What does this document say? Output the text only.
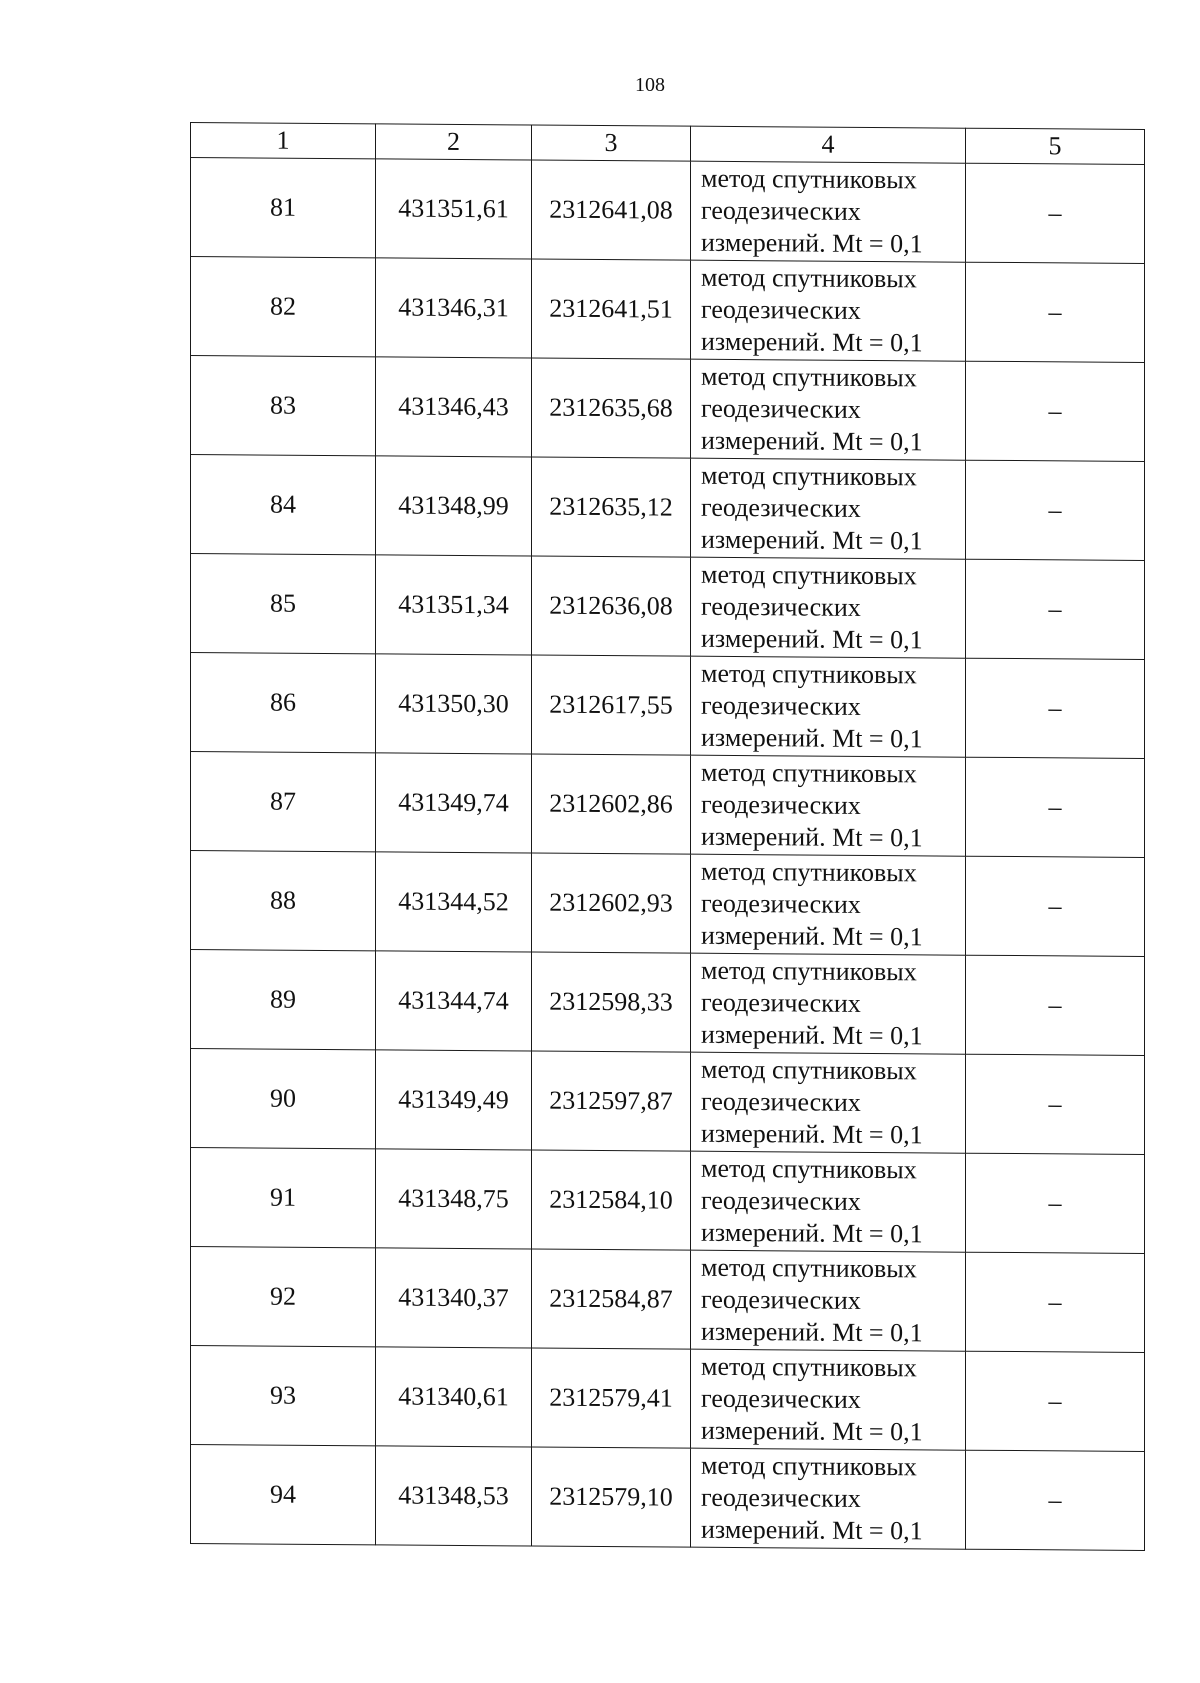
108
1	2	3	4	5
81	431351,61	2312641,08	метод спутниковых
геодезических
измерений. Mt = 0,1	–
82	431346,31	2312641,51	метод спутниковых
геодезических
измерений. Mt = 0,1	–
83	431346,43	2312635,68	метод спутниковых
геодезических
измерений. Mt = 0,1	–
84	431348,99	2312635,12	метод спутниковых
геодезических
измерений. Mt = 0,1	–
85	431351,34	2312636,08	метод спутниковых
геодезических
измерений. Mt = 0,1	–
86	431350,30	2312617,55	метод спутниковых
геодезических
измерений. Mt = 0,1	–
87	431349,74	2312602,86	метод спутниковых
геодезических
измерений. Mt = 0,1	–
88	431344,52	2312602,93	метод спутниковых
геодезических
измерений. Mt = 0,1	–
89	431344,74	2312598,33	метод спутниковых
геодезических
измерений. Mt = 0,1	–
90	431349,49	2312597,87	метод спутниковых
геодезических
измерений. Mt = 0,1	–
91	431348,75	2312584,10	метод спутниковых
геодезических
измерений. Mt = 0,1	–
92	431340,37	2312584,87	метод спутниковых
геодезических
измерений. Mt = 0,1	–
93	431340,61	2312579,41	метод спутниковых
геодезических
измерений. Mt = 0,1	–
94	431348,53	2312579,10	метод спутниковых
геодезических
измерений. Mt = 0,1	–
